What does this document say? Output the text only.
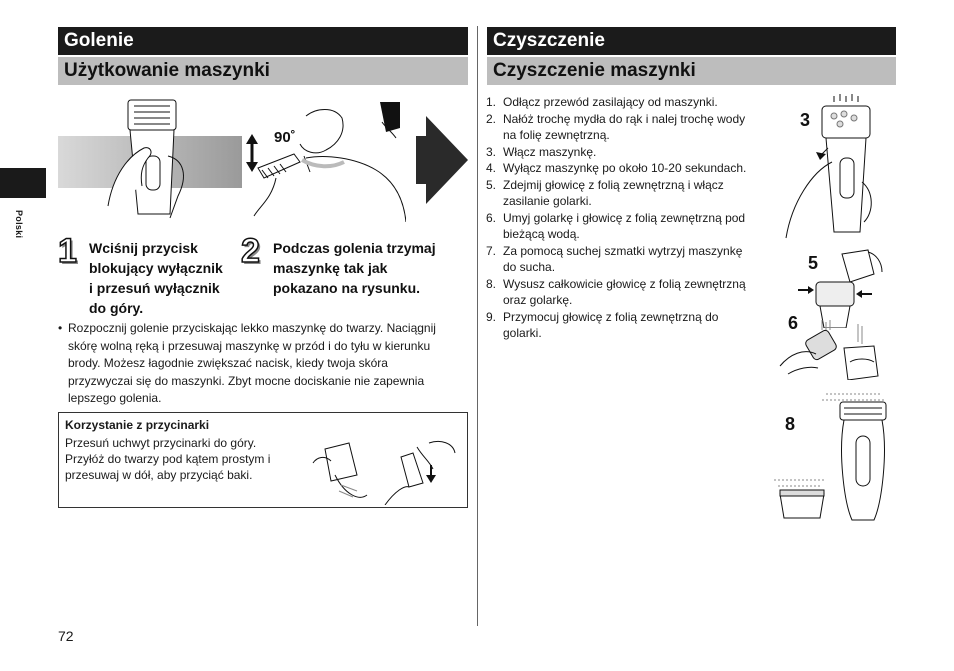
Polski
72
Golenie
Użytkowanie maszynki
90˚
1 Wciśnij przycisk
blokujący wyłącznik
i przesuń wyłącznik
do góry.
2 Podczas golenia trzymaj
maszynkę tak jak
pokazano na rysunku.
• Rozpocznij golenie przyciskając lekko maszynkę do twarzy. Naciągnij
skórę wolną ręką i przesuwaj maszynkę w przód i do tyłu w kierunku
brody. Możesz łagodnie zwiększać nacisk, kiedy twoja skóra
przyzwyczai się do maszynki. Zbyt mocne dociskanie nie zapewnia
lepszego golenia.
Korzystanie z przycinarki
Przesuń uchwyt przycinarki do góry.
Przyłóż do twarzy pod kątem prostym i
przesuwaj w dół, aby przyciąć baki.
Czyszczenie
Czyszczenie maszynki
1. Odłącz przewód zasilający od maszynki.
2. Nałóż trochę mydła do rąk i nalej trochę wody
na folię zewnętrzną.
3. Włącz maszynkę.
4. Wyłącz maszynkę po około 10-20 sekundach.
5. Zdejmij głowicę z folią zewnętrzną i włącz
zasilanie golarki.
6. Umyj golarkę i głowicę z folią zewnętrzną pod
bieżącą wodą.
7. Za pomocą suchej szmatki wytrzyj maszynkę
do sucha.
8. Wysusz całkowicie głowicę z folią zewnętrzną
oraz golarkę.
9. Przymocuj głowicę z folią zewnętrzną do
golarki.
3
5
6
8
